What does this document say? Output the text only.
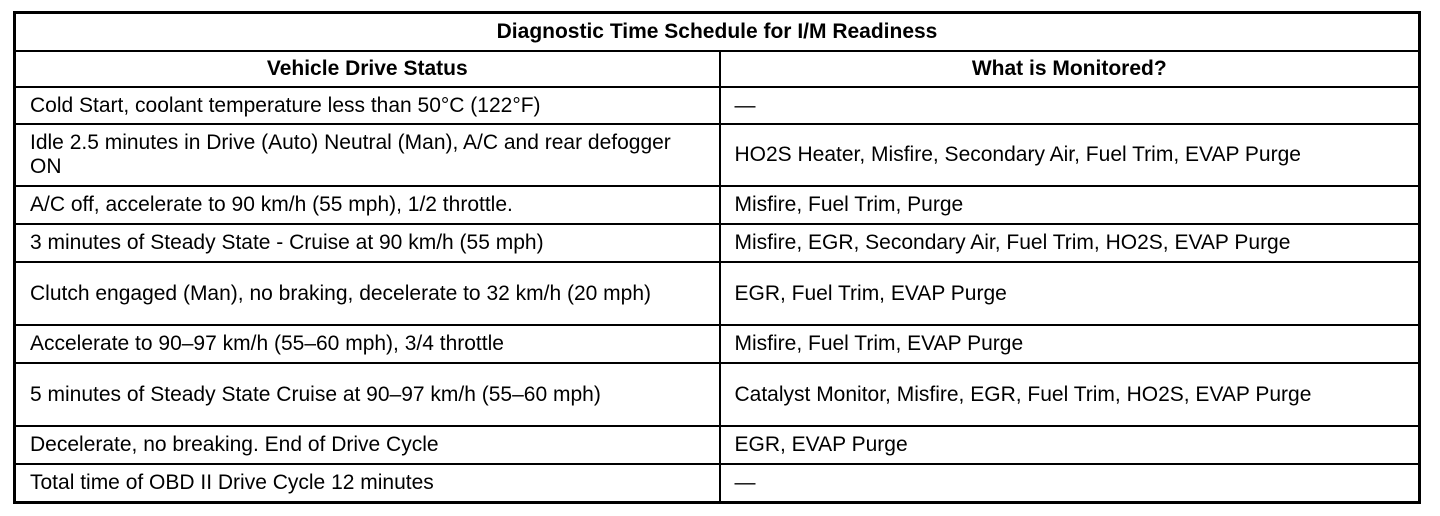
Diagnostic Time Schedule for I/M Readiness	
Vehicle Drive Status	What is Monitored?
Cold Start, coolant temperature less than 50°C (122°F)	—
Idle 2.5 minutes in Drive (Auto) Neutral (Man), A/C and rear defogger ON	HO2S Heater, Misfire, Secondary Air, Fuel Trim, EVAP Purge
A/C off, accelerate to 90 km/h (55 mph), 1/2 throttle.	Misfire, Fuel Trim, Purge
3 minutes of Steady State - Cruise at 90 km/h (55 mph)	Misfire, EGR, Secondary Air, Fuel Trim, HO2S, EVAP Purge
Clutch engaged (Man), no braking, decelerate to 32 km/h (20 mph)	EGR, Fuel Trim, EVAP Purge
Accelerate to 90–97 km/h (55–60 mph), 3/4 throttle	Misfire, Fuel Trim, EVAP Purge
5 minutes of Steady State Cruise at 90–97 km/h (55–60 mph)	Catalyst Monitor, Misfire, EGR, Fuel Trim, HO2S, EVAP Purge
Decelerate, no breaking. End of Drive Cycle	EGR, EVAP Purge
Total time of OBD II Drive Cycle 12 minutes	—
